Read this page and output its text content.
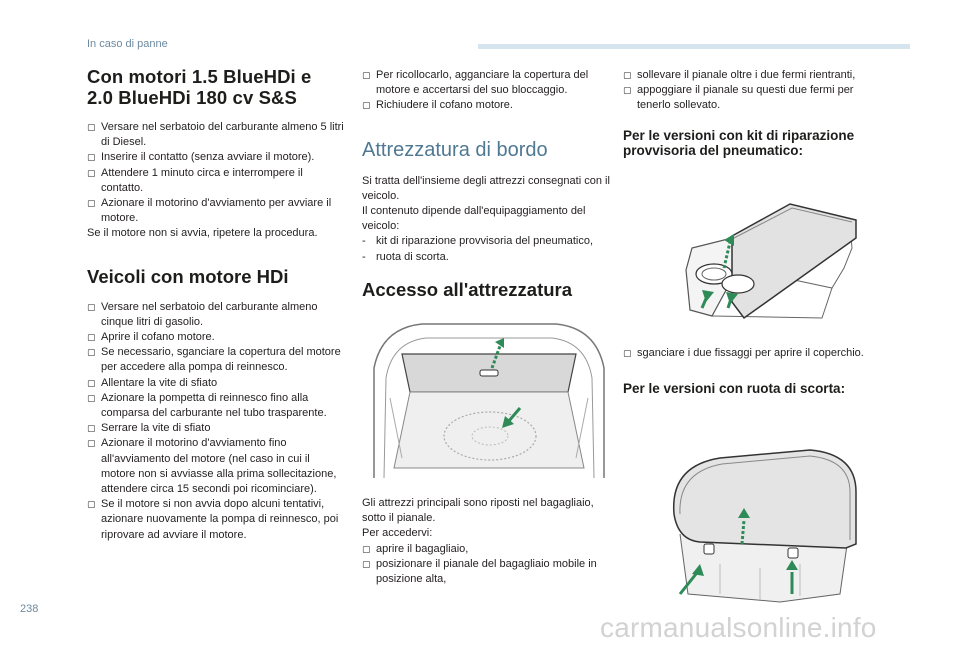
In caso di panne
Con motori 1.5 BlueHDi e
2.0 BlueHDi 180 cv S&S

▢ Versare nel serbatoio del carburante almeno 5 litri di Diesel.

▢ Inserire il contatto (senza avviare il motore).

▢ Attendere 1 minuto circa e interrompere il contatto.

▢ Azionare il motorino d'avviamento per avviare il motore.

Se il motore non si avvia, ripetere la procedura.

Veicoli con motore HDi

▢ Versare nel serbatoio del carburante almeno cinque litri di gasolio.

▢ Aprire il cofano motore.

▢ Se necessario, sganciare la copertura del motore per accedere alla pompa di reinnesco.

▢ Allentare la vite di sfiato

▢ Azionare la pompetta di reinnesco fino alla comparsa del carburante nel tubo trasparente.

▢ Serrare la vite di sfiato

▢ Azionare il motorino d'avviamento fino all'avviamento del motore (nel caso in cui il motore non si avviasse alla prima sollecitazione, attendere circa 15 secondi poi ricominciare).

▢ Se il motore si non avvia dopo alcuni tentativi, azionare nuovamente la pompa di reinnesco, poi riprovare ad avviare il motore.

▢ Per ricollocarlo, agganciare la copertura del motore e accertarsi del suo bloccaggio.

▢ Richiudere il cofano motore.

Attrezzatura di bordo

Si tratta dell'insieme degli attrezzi consegnati con il veicolo.

Il contenuto dipende dall'equipaggiamento del veicolo:

- kit di riparazione provvisoria del pneumatico,

- ruota di scorta.

Accesso all'attrezzatura

Gli attrezzi principali sono riposti nel bagagliaio, sotto il pianale.

Per accedervi:

▢ aprire il bagagliaio,

▢ posizionare il pianale del bagagliaio mobile in posizione alta,

▢ sollevare il pianale oltre i due fermi rientranti,

▢ appoggiare il pianale su questi due fermi per tenerlo sollevato.

Per le versioni con kit di riparazione provvisoria del pneumatico:

▢ sganciare i due fissaggi per aprire il coperchio.

Per le versioni con ruota di scorta:
238
carmanualsonline.info
